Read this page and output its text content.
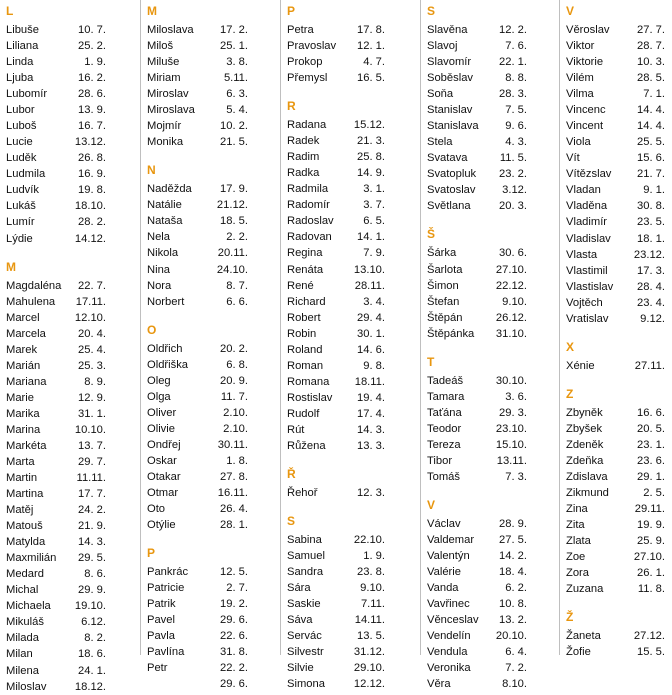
L
Libuše	10. 7.
Liliana	25. 2.
Linda	1. 9.
Ljuba	16. 2.
Lubomír	28. 6.
Lubor	13. 9.
Luboš	16. 7.
Lucie	13.12.
Luděk	26. 8.
Ludmila	16. 9.
Ludvík	19. 8.
Lukáš	18.10.
Lumír	28. 2.
Lýdie	14.12.
M
Magdaléna	22. 7.
Mahulena	17.11.
Marcel	12.10.
Marcela	20. 4.
Marek	25. 4.
Marián	25. 3.
Mariana	8. 9.
Marie	12. 9.
Marika	31. 1.
Marina	10.10.
Markéta	13. 7.
Marta	29. 7.
Martin	11.11.
Martina	17. 7.
Matěj	24. 2.
Matouš	21. 9.
Matylda	14. 3.
Maxmilián	29. 5.
Medard	8. 6.
Michal	29. 9.
Michaela 19.10.
Mikuláš	6.12.
Milada	8. 2.
Milan	18. 6.
Milena	24. 1.
Miloslav	18.12.
M
Miloslava	17. 2.
Miloš	25. 1.
Miluše	3. 8.
Miriam	5.11.
Miroslav	6. 3.
Miroslava	5. 4.
Mojmír	10. 2.
Monika	21. 5.
N
Naděžda	17. 9.
Natálie	21.12.
Nataša	18. 5.
Nela	2. 2.
Nikola	20.11.
Nina	24.10.
Nora	8. 7.
Norbert	6. 6.
O
Oldřich	20. 2.
Oldřiška	6. 8.
Oleg	20. 9.
Olga	11. 7.
Oliver	2.10.
Olivie	2.10.
Ondřej	30.11.
Oskar	1. 8.
Otakar	27. 8.
Otmar	16.11.
Oto	26. 4.
Otýlie	28. 1.
P
Pankrác	12. 5.
Patricie	2. 7.
Patrik	19. 2.
Pavel	29. 6.
Pavla	22. 6.
Pavlína	31. 8.
Petr	22. 2.
29. 6.
P
Petra	17. 8.
Pravoslav	12. 1.
Prokop	4. 7.
Přemysl	16. 5.
R
Radana 15.12.
Radek	21. 3.
Radim	25. 8.
Radka	14. 9.
Radmila	3. 1.
Radomír	3. 7.
Radoslav	6. 5.
Radovan	14. 1.
Regina	7. 9.
Renáta	13.10.
René	28.11.
Richard	3. 4.
Robert	29. 4.
Robin	30. 1.
Roland	14. 6.
Roman	9. 8.
Romana	18.11.
Rostislav	19. 4.
Rudolf	17. 4.
Rút	14. 3.
Růžena	13. 3.
Ř
Řehoř	12. 3.
S
Sabina	22.10.
Samuel	1. 9.
Sandra	23. 8.
Sára	9.10.
Saskie	7.11.
Sáva	14.11.
Servác	13. 5.
Silvestr	31.12.
Silvie	29.10.
Simona	12.12.
S
Slavěna	12. 2.
Slavoj	7. 6.
Slavomír	22. 1.
Soběslav	8. 8.
Soňa	28. 3.
Stanislav	7. 5.
Stanislava	9. 6.
Stela	4. 3.
Svatava	11. 5.
Svatopluk	23. 2.
Svatoslav	3.12.
Světlana	20. 3.
Š
Šárka	30. 6.
Šarlota	27.10.
Šimon	22.12.
Štefan	9.10.
Štěpán	26.12.
Štěpánka 31.10.
T
Tadeáš	30.10.
Tamara	3. 6.
Taťána	29. 3.
Teodor	23.10.
Tereza	15.10.
Tibor	13.11.
Tomáš	7. 3.
V
Václav	28. 9.
Valdemar	27. 5.
Valentýn	14. 2.
Valérie	18. 4.
Vanda	6. 2.
Vavřinec	10. 8.
Věnceslav	13. 2.
Vendelín 20.10.
Vendula	6. 4.
Veronika	7. 2.
Věra	8.10.
V
Věroslav	27. 7.
Viktor	28. 7.
Viktorie	10. 3.
Vilém	28. 5.
Vilma	7. 1.
Vincenc	14. 4.
Vincent	14. 4.
Viola	25. 5.
Vít	15. 6.
Vítězslav	21. 7.
Vladan	9. 1.
Vladěna	30. 8.
Vladimír	23. 5.
Vladislav	18. 1.
Vlasta	23.12.
Vlastimil	17. 3.
Vlastislav	28. 4.
Vojtěch	23. 4.
Vratislav	9.12.
X
Xénie	27.11.
Z
Zbyněk	16. 6.
Zbyšek	20. 5.
Zdeněk	23. 1.
Zdeňka	23. 6.
Zdislava	29. 1.
Zikmund	2. 5.
Zina	29.11.
Zita	19. 9.
Zlata	25. 9.
Zoe	27.10.
Zora	26. 1.
Zuzana	11. 8.
Ž
Žaneta	27.12.
Žofie	15. 5.
